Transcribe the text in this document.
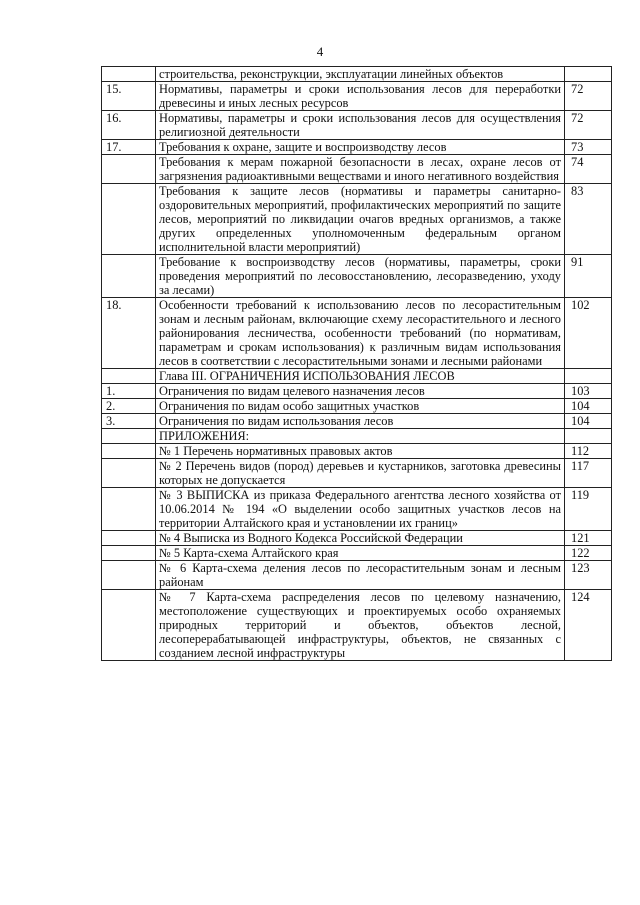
4
	строительства, реконструкции, эксплуатации линейных объектов	
15.	Нормативы, параметры и сроки использования лесов для переработки древесины и иных лесных ресурсов	72
16.	Нормативы, параметры и сроки использования лесов для осуществления религиозной деятельности	72
17.	Требования к охране, защите и воспроизводству лесов	73
	Требования к мерам пожарной безопасности в лесах, охране лесов от загрязнения радиоактивными веществами и иного негативного воздействия	74
	Требования к защите лесов (нормативы и параметры санитарно-оздоровительных мероприятий, профилактических мероприятий по защите лесов, мероприятий по ликвидации очагов вредных организмов, а также других определенных уполномоченным федеральным органом исполнительной власти мероприятий)	83
	Требование к воспроизводству лесов (нормативы, параметры, сроки проведения мероприятий по лесовосстановлению, лесоразведению, уходу за лесами)	91
18.	Особенности требований к использованию лесов по лесорастительным зонам и лесным районам, включающие схему лесорастительного и лесного районирования лесничества, особенности требований (по нормативам, параметрам и срокам использования) к различным видам использования лесов в соответствии с лесорастительными зонами и лесными районами	102
	Глава III. ОГРАНИЧЕНИЯ ИСПОЛЬЗОВАНИЯ ЛЕСОВ	
1.	Ограничения по видам целевого назначения лесов	103
2.	Ограничения по видам особо защитных участков	104
3.	Ограничения по видам использования лесов	104
	ПРИЛОЖЕНИЯ:	
	№ 1 Перечень нормативных правовых актов	112
	№ 2 Перечень видов (пород) деревьев и кустарников, заготовка древесины которых не допускается	117
	№ 3 ВЫПИСКА из приказа Федерального агентства лесного хозяйства от 10.06.2014 № 194 «О выделении особо защитных участков лесов на территории Алтайского края и установлении их границ»	119
	№ 4 Выписка из Водного Кодекса Российской Федерации	121
	№ 5 Карта-схема Алтайского края	122
	№ 6 Карта-схема деления лесов по лесорастительным зонам и лесным районам	123
	№ 7 Карта-схема распределения лесов по целевому назначению, местоположение существующих и проектируемых особо охраняемых природных территорий и объектов, объектов лесной, лесоперерабатывающей инфраструктуры, объектов, не связанных с созданием лесной инфраструктуры	124
